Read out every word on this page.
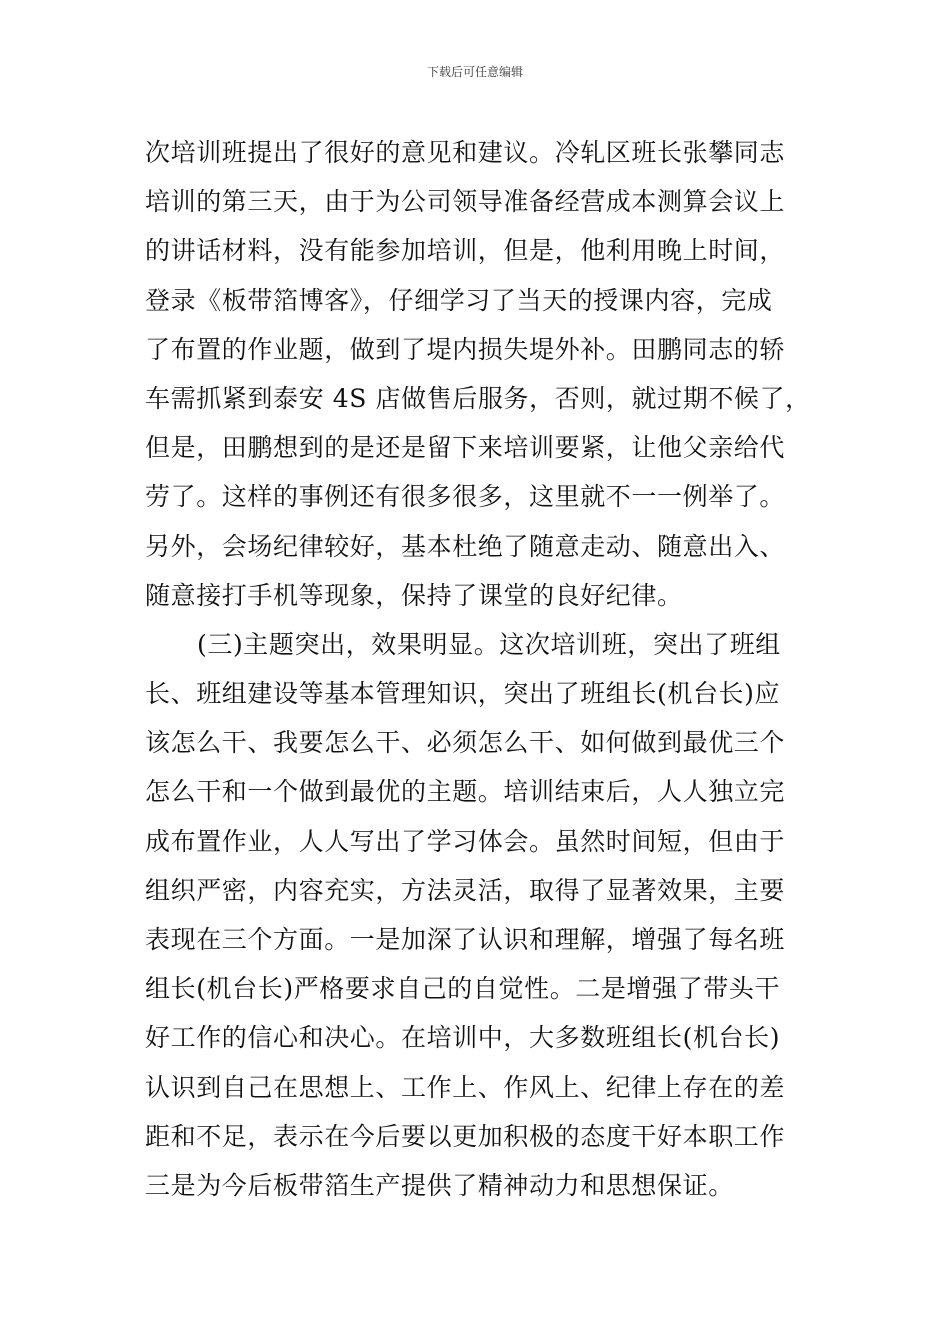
下载后可任意编辑
次培训班提出了很好的意见和建议。冷轧区班长张攀同志
培训的第三天，由于为公司领导准备经营成本测算会议上
的讲话材料，没有能参加培训，但是，他利用晚上时间，
登录《板带箔博客》，仔细学习了当天的授课内容，完成
了布置的作业题，做到了堤内损失堤外补。田鹏同志的轿
车需抓紧到泰安 4S 店做售后服务，否则，就过期不候了，
但是，田鹏想到的是还是留下来培训要紧，让他父亲给代
劳了。这样的事例还有很多很多，这里就不一一例举了。
另外，会场纪律较好，基本杜绝了随意走动、随意出入、
随意接打手机等现象，保持了课堂的良好纪律。
(三)主题突出，效果明显。这次培训班，突出了班组
长、班组建设等基本管理知识，突出了班组长(机台长)应
该怎么干、我要怎么干、必须怎么干、如何做到最优三个
怎么干和一个做到最优的主题。培训结束后，人人独立完
成布置作业，人人写出了学习体会。虽然时间短，但由于
组织严密，内容充实，方法灵活，取得了显著效果，主要
表现在三个方面。一是加深了认识和理解，增强了每名班
组长(机台长)严格要求自己的自觉性。二是增强了带头干
好工作的信心和决心。在培训中，大多数班组长(机台长)
认识到自己在思想上、工作上、作风上、纪律上存在的差
距和不足，表示在今后要以更加积极的态度干好本职工作
三是为今后板带箔生产提供了精神动力和思想保证。
